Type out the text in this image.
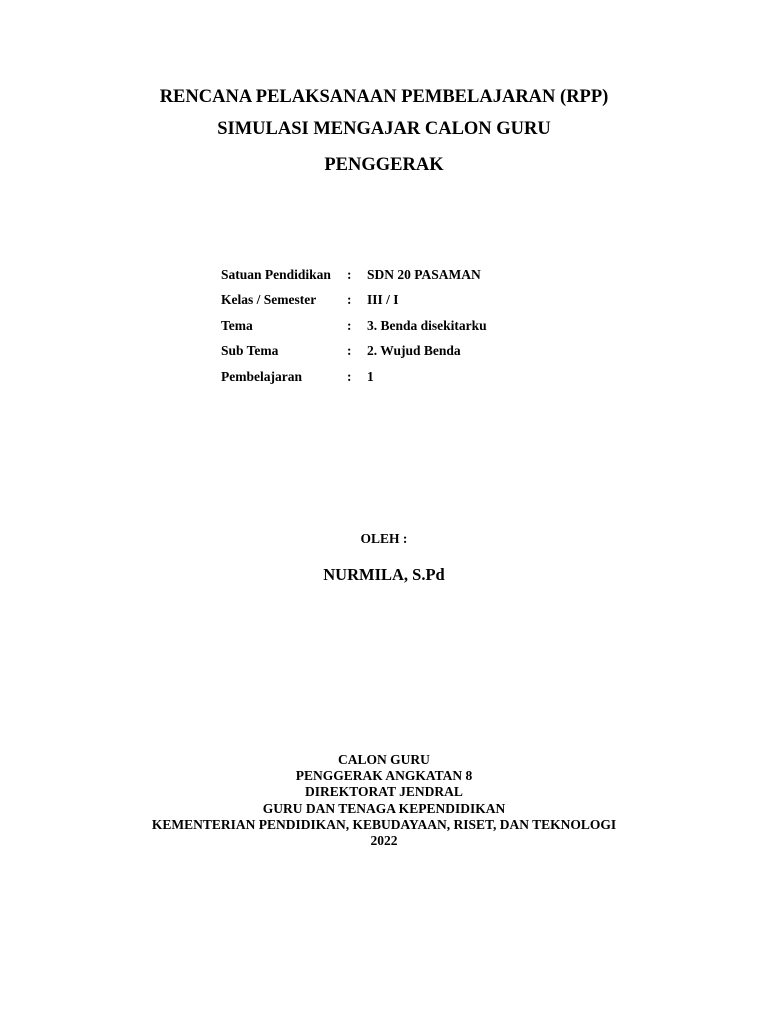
RENCANA PELAKSANAAN PEMBELAJARAN (RPP)
SIMULASI MENGAJAR CALON GURU
PENGGERAK
Satuan Pendidikan	:	SDN 20 PASAMAN
Kelas / Semester	:	III / I
Tema	:	3. Benda disekitarku
Sub Tema	:	2. Wujud Benda
Pembelajaran	:	1
OLEH :
NURMILA, S.Pd
CALON GURU
PENGGERAK ANGKATAN 8
DIREKTORAT JENDRAL
GURU DAN TENAGA KEPENDIDIKAN
KEMENTERIAN PENDIDIKAN, KEBUDAYAAN, RISET, DAN TEKNOLOGI
2022
